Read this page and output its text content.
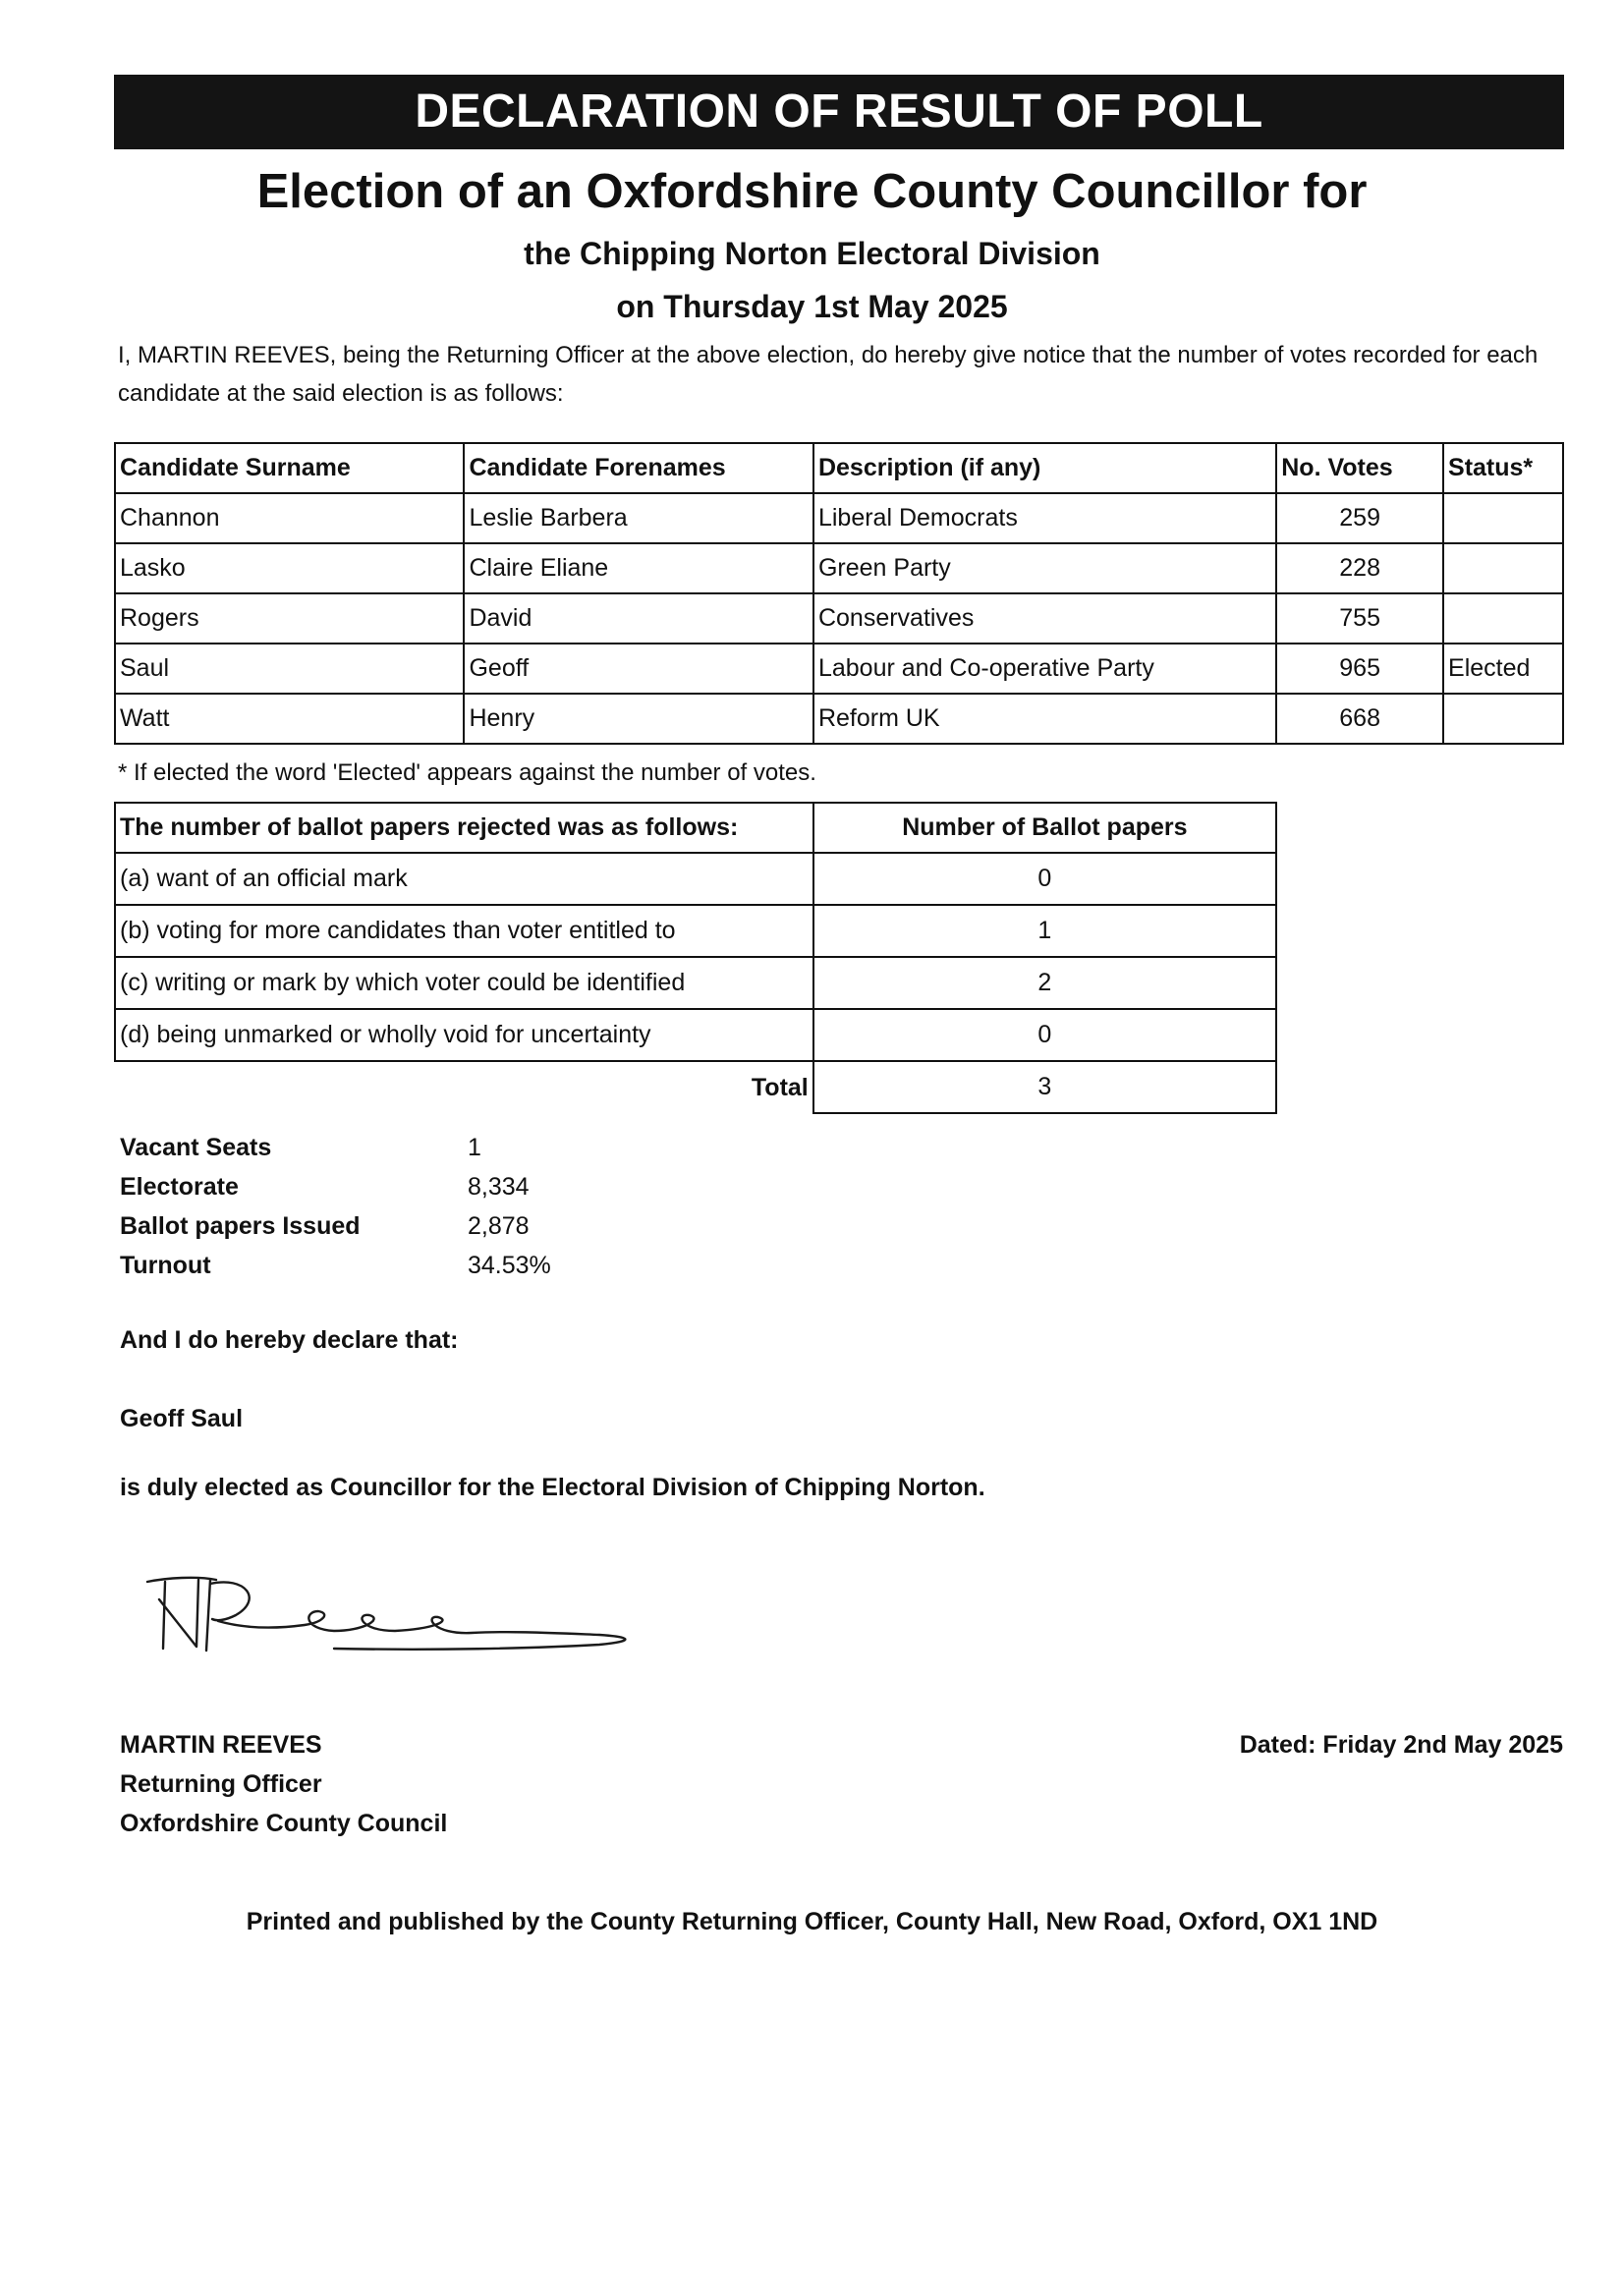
DECLARATION OF RESULT OF POLL
Election of an Oxfordshire County Councillor for
the Chipping Norton Electoral Division
on Thursday 1st May 2025
I, MARTIN REEVES, being the Returning Officer at the above election, do hereby give notice that the number of votes recorded for each candidate at the said election is as follows:
Candidate Surname	Candidate Forenames	Description (if any)	No. Votes	Status*
Channon	Leslie Barbera	Liberal Democrats	259	
Lasko	Claire Eliane	Green Party	228	
Rogers	David	Conservatives	755	
Saul	Geoff	Labour and Co-operative Party	965	Elected
Watt	Henry	Reform UK	668	
* If elected the word 'Elected' appears against the number of votes.
The number of ballot papers rejected was as follows:	Number of Ballot papers
(a) want of an official mark	0
(b) voting for more candidates than voter entitled to	1
(c) writing or mark by which voter could be identified	2
(d) being unmarked or wholly void for uncertainty	0
Total	3
Vacant Seats	1
Electorate	8,334
Ballot papers Issued	2,878
Turnout	34.53%
And I do hereby declare that:
Geoff Saul
is duly elected as Councillor for the Electoral Division of Chipping Norton.
MARTIN REEVES
Returning Officer
Oxfordshire County Council
Dated: Friday 2nd May 2025
Printed and published by the County Returning Officer, County Hall, New Road, Oxford, OX1 1ND
